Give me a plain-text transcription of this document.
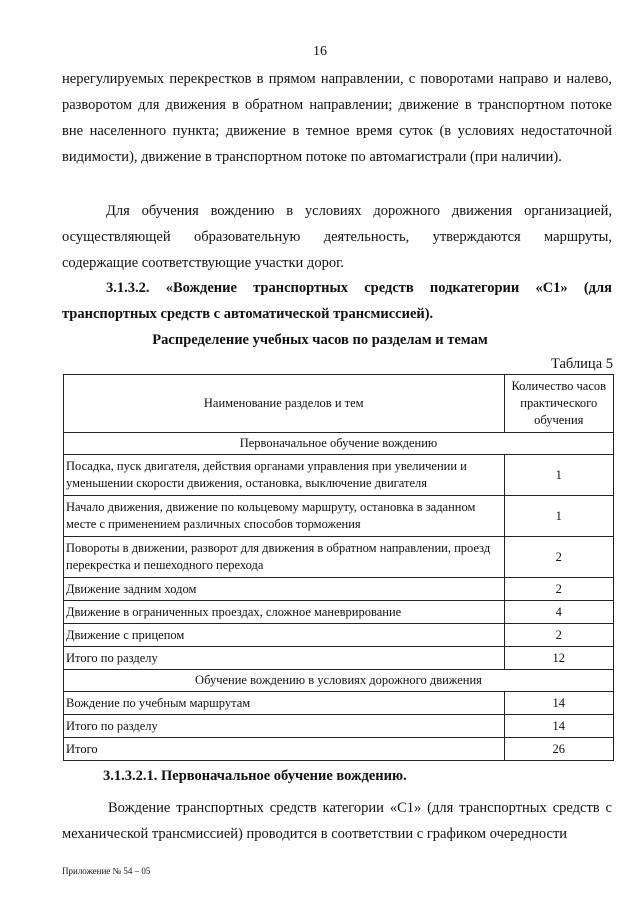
16
нерегулируемых перекрестков в прямом направлении, с поворотами направо и налево, разворотом для движения в обратном направлении; движение в транспортном потоке вне населенного пункта; движение в темное время суток (в условиях недостаточной видимости), движение в транспортном потоке по автомагистрали (при наличии).
Для обучения вождению в условиях дорожного движения организацией, осуществляющей образовательную деятельность, утверждаются маршруты, содержащие соответствующие участки дорог.
3.1.3.2. «Вождение транспортных средств подкатегории «С1» (для транспортных средств с автоматической трансмиссией).
Распределение учебных часов по разделам и темам
Таблица 5
Наименование разделов и тем	Количество часов практического обучения
Первоначальное обучение вождению	
Посадка, пуск двигателя, действия органами управления при увеличении и уменьшении скорости движения, остановка, выключение двигателя	1
Начало движения, движение по кольцевому маршруту, остановка в заданном месте с применением различных способов торможения	1
Повороты в движении, разворот для движения в обратном направлении, проезд перекрестка и пешеходного перехода	2
Движение задним ходом	2
Движение в ограниченных проездах, сложное маневрирование	4
Движение с прицепом	2
Итого по разделу	12
Обучение вождению в условиях дорожного движения	
Вождение по учебным маршрутам	14
Итого по разделу	14
Итого	26
3.1.3.2.1. Первоначальное обучение вождению.
Вождение транспортных средств категории «С1» (для транспортных средств с механической трансмиссией) проводится в соответствии с графиком очередности
Приложение № 54 – 05
